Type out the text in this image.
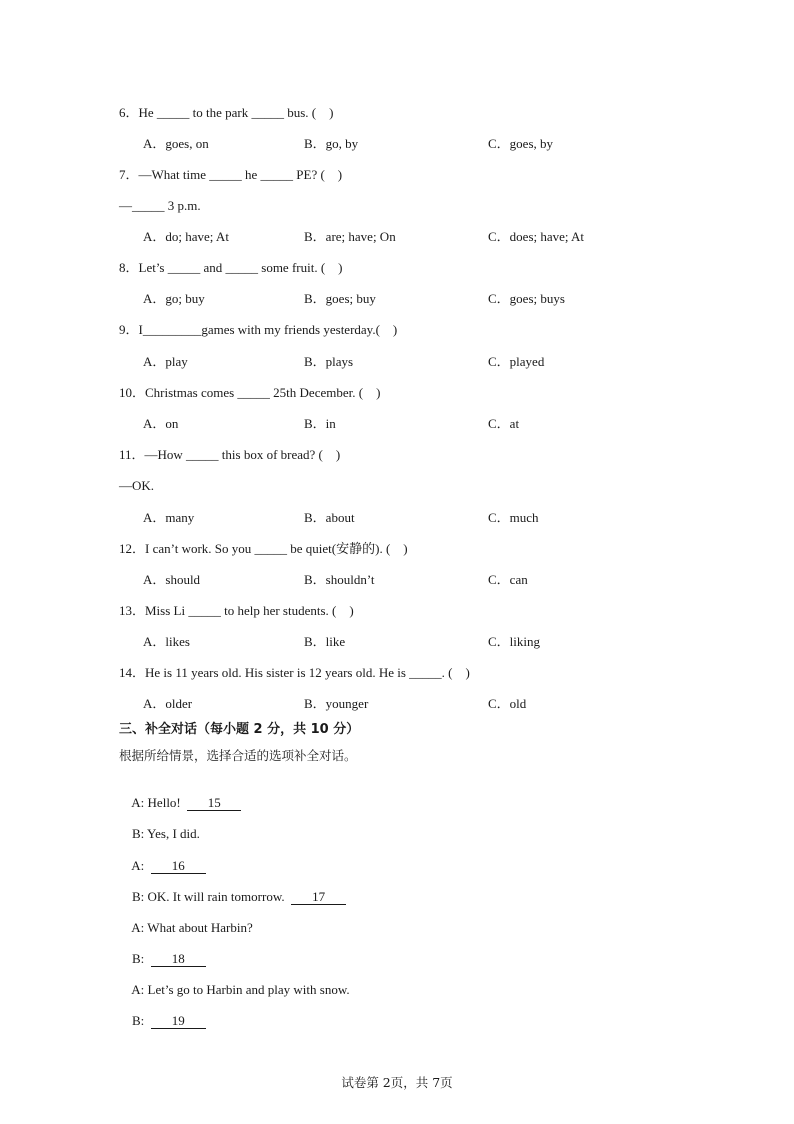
6．He _____ to the park _____ bus. (    )
A．goes, on	B．go, by	C．goes, by
7．—What time _____ he _____ PE? (    )
—_____ 3 p.m.
A．do; have; At	B．are; have; On	C．does; have; At
8．Let’s _____ and _____ some fruit. (    )
A．go; buy	B．goes; buy	C．goes; buys
9．I_________games with my friends yesterday.(    )
A．play	B．plays	C．played
10．Christmas comes _____ 25th December. (    )
A．on	B．in	C．at
11．—How _____ this box of bread? (    )
—OK.
A．many	B．about	C．much
12．I can’t work. So you _____ be quiet(安静的). (    )
A．should	B．shouldn’t	C．can
13．Miss Li _____ to help her students. (    )
A．likes	B．like	C．liking
14．He is 11 years old. His sister is 12 years old. He is _____. (    )
A．older	B．younger	C．old
三、补全对话（每小题 2 分，共 10 分）
根据所给情景，选择合适的选项补全对话。

A: Hello!  15

B: Yes, I did.

A:  16

B: OK. It will rain tomorrow.  17

A: What about Harbin?

B:  18

A: Let’s go to Harbin and play with snow.

B:  19

试卷第 2页，共 7页
